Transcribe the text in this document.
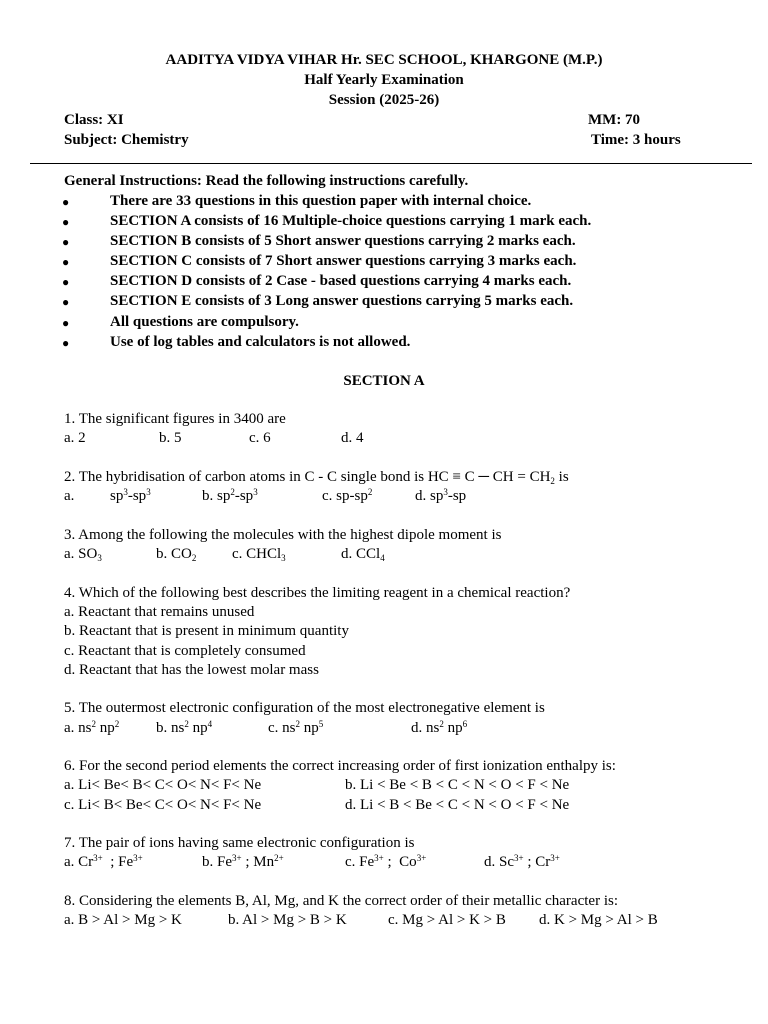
AADITYA VIDYA VIHAR Hr. SEC SCHOOL, KHARGONE (M.P.)
Half Yearly Examination
Session (2025-26)
Class: XI	MM: 70
Subject: Chemistry	Time: 3 hours
General Instructions: Read the following instructions carefully.
●	There are 33 questions in this question paper with internal choice.
●	SECTION A consists of 16 Multiple-choice questions carrying 1 mark each.
●	SECTION B consists of 5 Short answer questions carrying 2 marks each.
●	SECTION C consists of 7 Short answer questions carrying 3 marks each.
●	SECTION D consists of 2 Case - based questions carrying 4 marks each.
●	SECTION E consists of 3 Long answer questions carrying 5 marks each.
●	All questions are compulsory.
●	Use of log tables and calculators is not allowed.
SECTION A
1. The significant figures in 3400 are
a. 2	b. 5	c. 6	d. 4
2. The hybridisation of carbon atoms in C - C single bond is HC ≡ C ─ CH = $CH_2$ is
a. $sp^3-sp^3$	b. $sp^2-sp^3$	c. $sp-sp^2$	d. $sp^3-sp$
3. Among the following the molecules with the highest dipole moment is
a. $SO_3$	b. $CO_2$ c. CHCl$_3$	d. CCl$_4$
4. Which of the following best describes the limiting reagent in a chemical reaction?
a. Reactant that remains unused
b. Reactant that is present in minimum quantity
c. Reactant that is completely consumed
d. Reactant that has the lowest molar mass
5. The outermost electronic configuration of the most electronegative element is
a. $ns^2$ $np^2$ b. $ns^2$ $np^4$	c. $ns^2$ $np^5$	d. $ns^2$ $np^6$
6. For the second period elements the correct increasing order of first ionization enthalpy is:
a. Li< Be< B< C< O< N< F< Ne	b. Li < Be < B < C < N < O < F < Ne
c. Li< B< Be< C< O< N< F< Ne	d. Li < B < Be < C < N < O < F < Ne
7. The pair of ions having same electronic configuration is
a. $Cr^{3+}$  ; $Fe^{3+}$	b. $Fe^{3+}$ ; $Mn^{2+}$	c. $Fe^{3+}$ ;  $Co^{3+}$	d. $Sc^{3+}$ ; $Cr^{3+}$
8. Considering the elements B, Al, Mg, and K the correct order of their metallic character is:
a. B > Al > Mg > K	b. Al > Mg > B > K	c. Mg > Al > K > B d. K > Mg > Al > B
